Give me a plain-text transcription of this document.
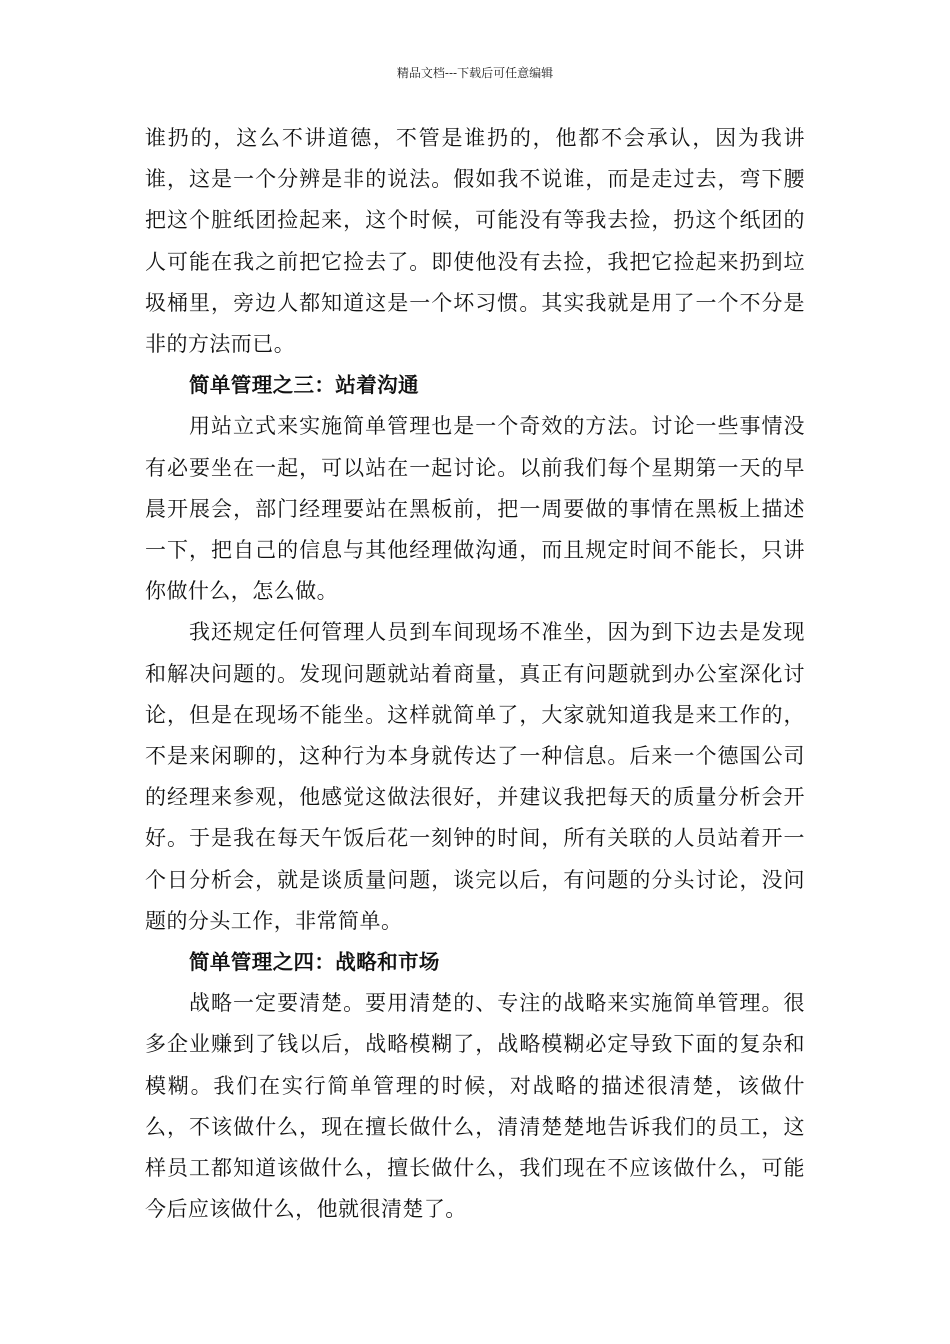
精品文档---下载后可任意编辑

谁扔的，这么不讲道德，不管是谁扔的，他都不会承认，因为我讲谁，这是一个分辨是非的说法。假如我不说谁，而是走过去，弯下腰把这个脏纸团捡起来，这个时候，可能没有等我去捡，扔这个纸团的人可能在我之前把它捡去了。即使他没有去捡，我把它捡起来扔到垃圾桶里，旁边人都知道这是一个坏习惯。其实我就是用了一个不分是非的方法而已。

简单管理之三：站着沟通

用站立式来实施简单管理也是一个奇效的方法。讨论一些事情没有必要坐在一起，可以站在一起讨论。以前我们每个星期第一天的早晨开展会，部门经理要站在黑板前，把一周要做的事情在黑板上描述一下，把自己的信息与其他经理做沟通，而且规定时间不能长，只讲你做什么，怎么做。

我还规定任何管理人员到车间现场不准坐，因为到下边去是发现和解决问题的。发现问题就站着商量，真正有问题就到办公室深化讨论，但是在现场不能坐。这样就简单了，大家就知道我是来工作的，不是来闲聊的，这种行为本身就传达了一种信息。后来一个德国公司的经理来参观，他感觉这做法很好，并建议我把每天的质量分析会开好。于是我在每天午饭后花一刻钟的时间，所有关联的人员站着开一个日分析会，就是谈质量问题，谈完以后，有问题的分头讨论，没问题的分头工作，非常简单。

简单管理之四：战略和市场

战略一定要清楚。要用清楚的、专注的战略来实施简单管理。很多企业赚到了钱以后，战略模糊了，战略模糊必定导致下面的复杂和模糊。我们在实行简单管理的时候，对战略的描述很清楚，该做什么，不该做什么，现在擅长做什么，清清楚楚地告诉我们的员工，这样员工都知道该做什么，擅长做什么，我们现在不应该做什么，可能今后应该做什么，他就很清楚了。
